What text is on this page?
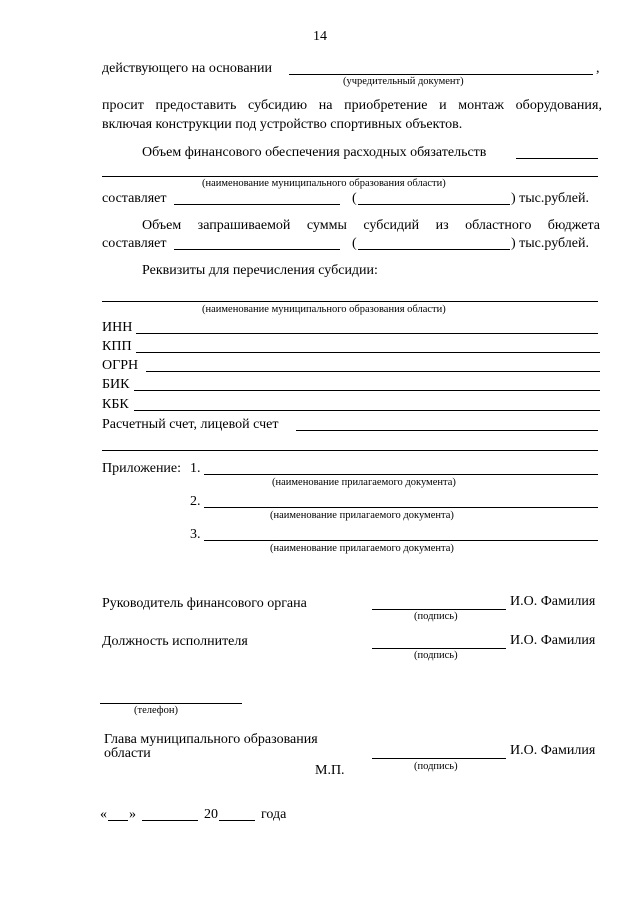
14
действующего на основании	,
(учредительный документ)
просит предоставить субсидию на приобретение и монтаж оборудования,
включая конструкции под устройство спортивных объектов.
Объем финансового обеспечения расходных обязательств
(наименование муниципального образования области)
составляет	(	) тыс.рублей.
Объем запрашиваемой суммы субсидий из областного бюджета
составляет	(	) тыс.рублей.
Реквизиты для перечисления субсидии:
(наименование муниципального образования области)
ИНН
КПП
ОГРН
БИК
КБК
Расчетный счет, лицевой счет
Приложение: 1.
(наименование прилагаемого документа)
2.
(наименование прилагаемого документа)
3.
(наименование прилагаемого документа)
Руководитель финансового органа	И.О. Фамилия
(подпись)
Должность исполнителя	И.О. Фамилия
(подпись)
(телефон)
Глава муниципального образования
области	И.О. Фамилия
М.П.	(подпись)
« »	20	года
